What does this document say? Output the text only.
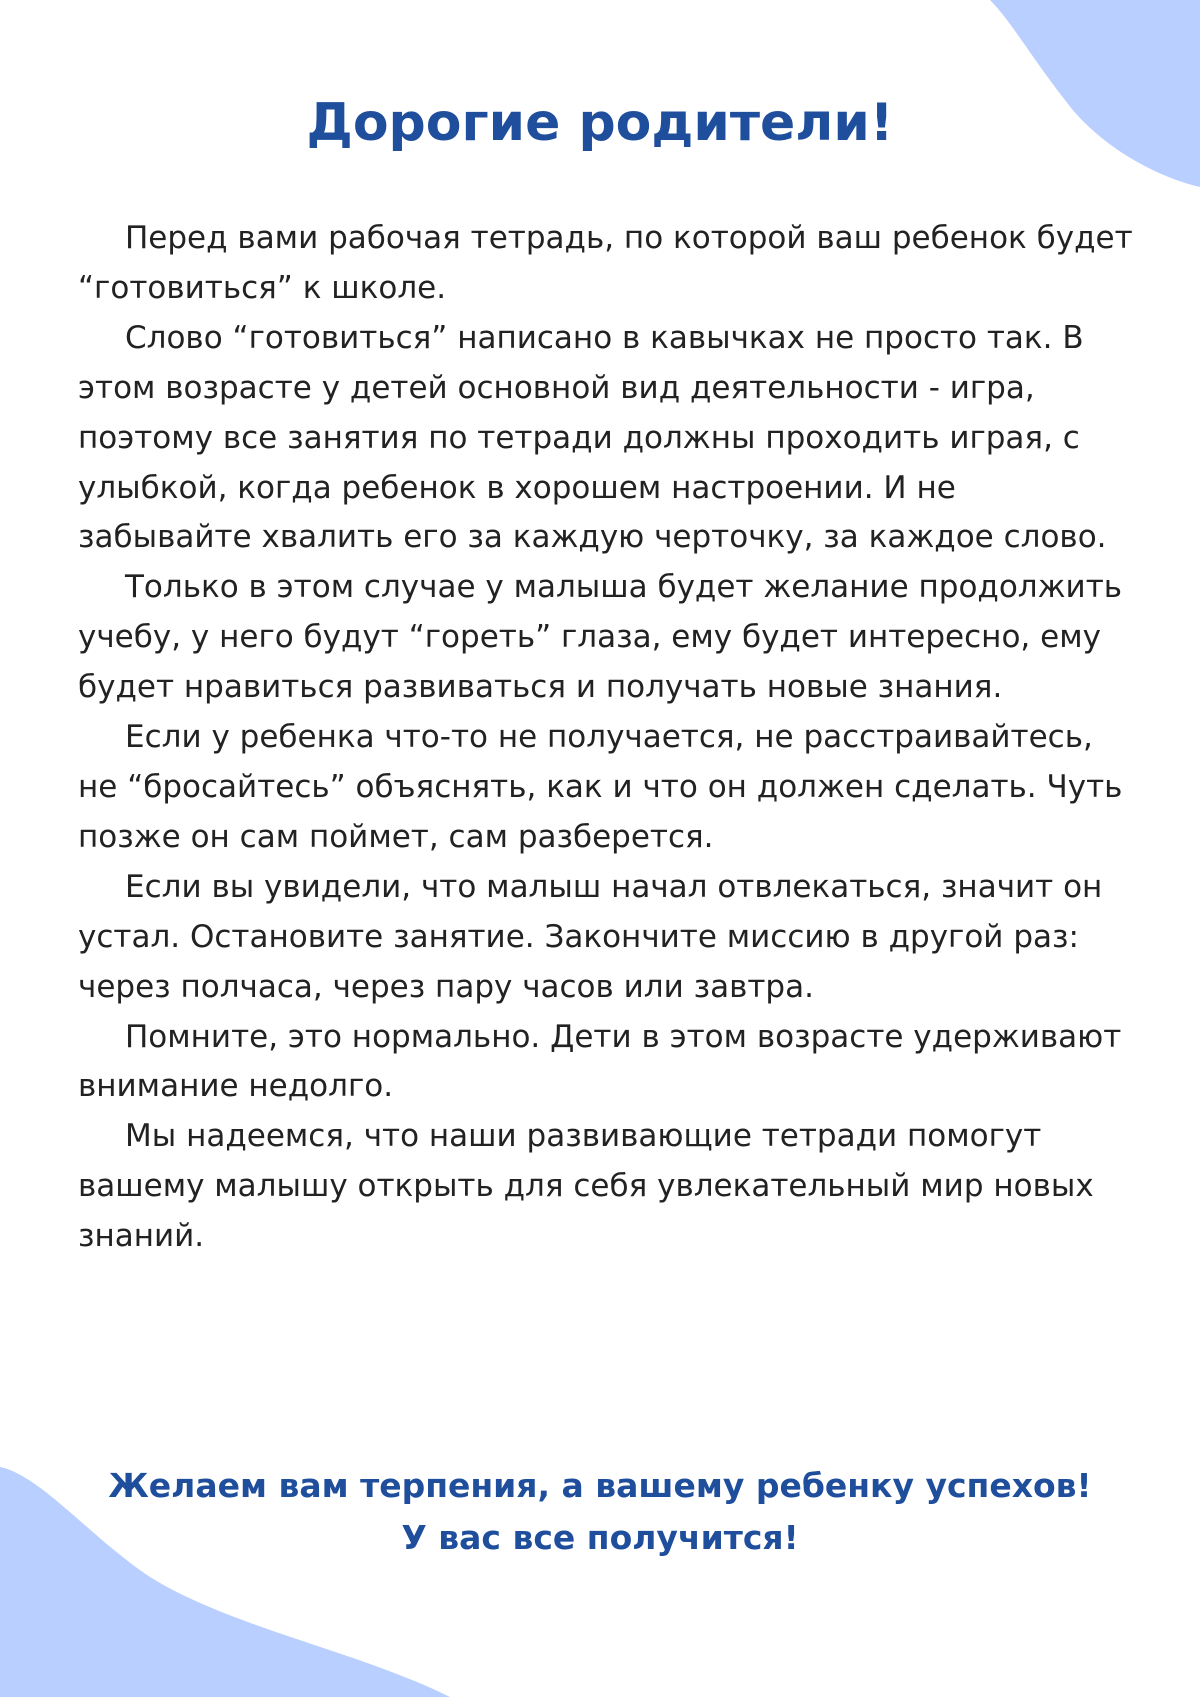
Дорогие родители!

Перед вами рабочая тетрадь, по которой ваш ребенок будет “готовиться” к школе.

Слово “готовиться” написано в кавычках не просто так. В этом возрасте у детей основной вид деятельности - игра, поэтому все занятия по тетради должны проходить играя, с улыбкой, когда ребенок в хорошем настроении. И не забывайте хвалить его за каждую черточку, за каждое слово.

Только в этом случае у малыша будет желание продолжить учебу, у него будут “гореть” глаза, ему будет интересно, ему будет нравиться развиваться и получать новые знания.

Если у ребенка что-то не получается, не расстраивайтесь, не “бросайтесь” объяснять, как и что он должен сделать. Чуть позже он сам поймет, сам разберется.

Если вы увидели, что малыш начал отвлекаться, значит он устал. Остановите занятие. Закончите миссию в другой раз: через полчаса, через пару часов или завтра.

Помните, это нормально. Дети в этом возрасте удерживают внимание недолго.

Мы надеемся, что наши развивающие тетради помогут вашему малышу открыть для себя увлекательный мир новых знаний.

Желаем вам терпения, а вашему ребенку успехов!

У вас все получится!
